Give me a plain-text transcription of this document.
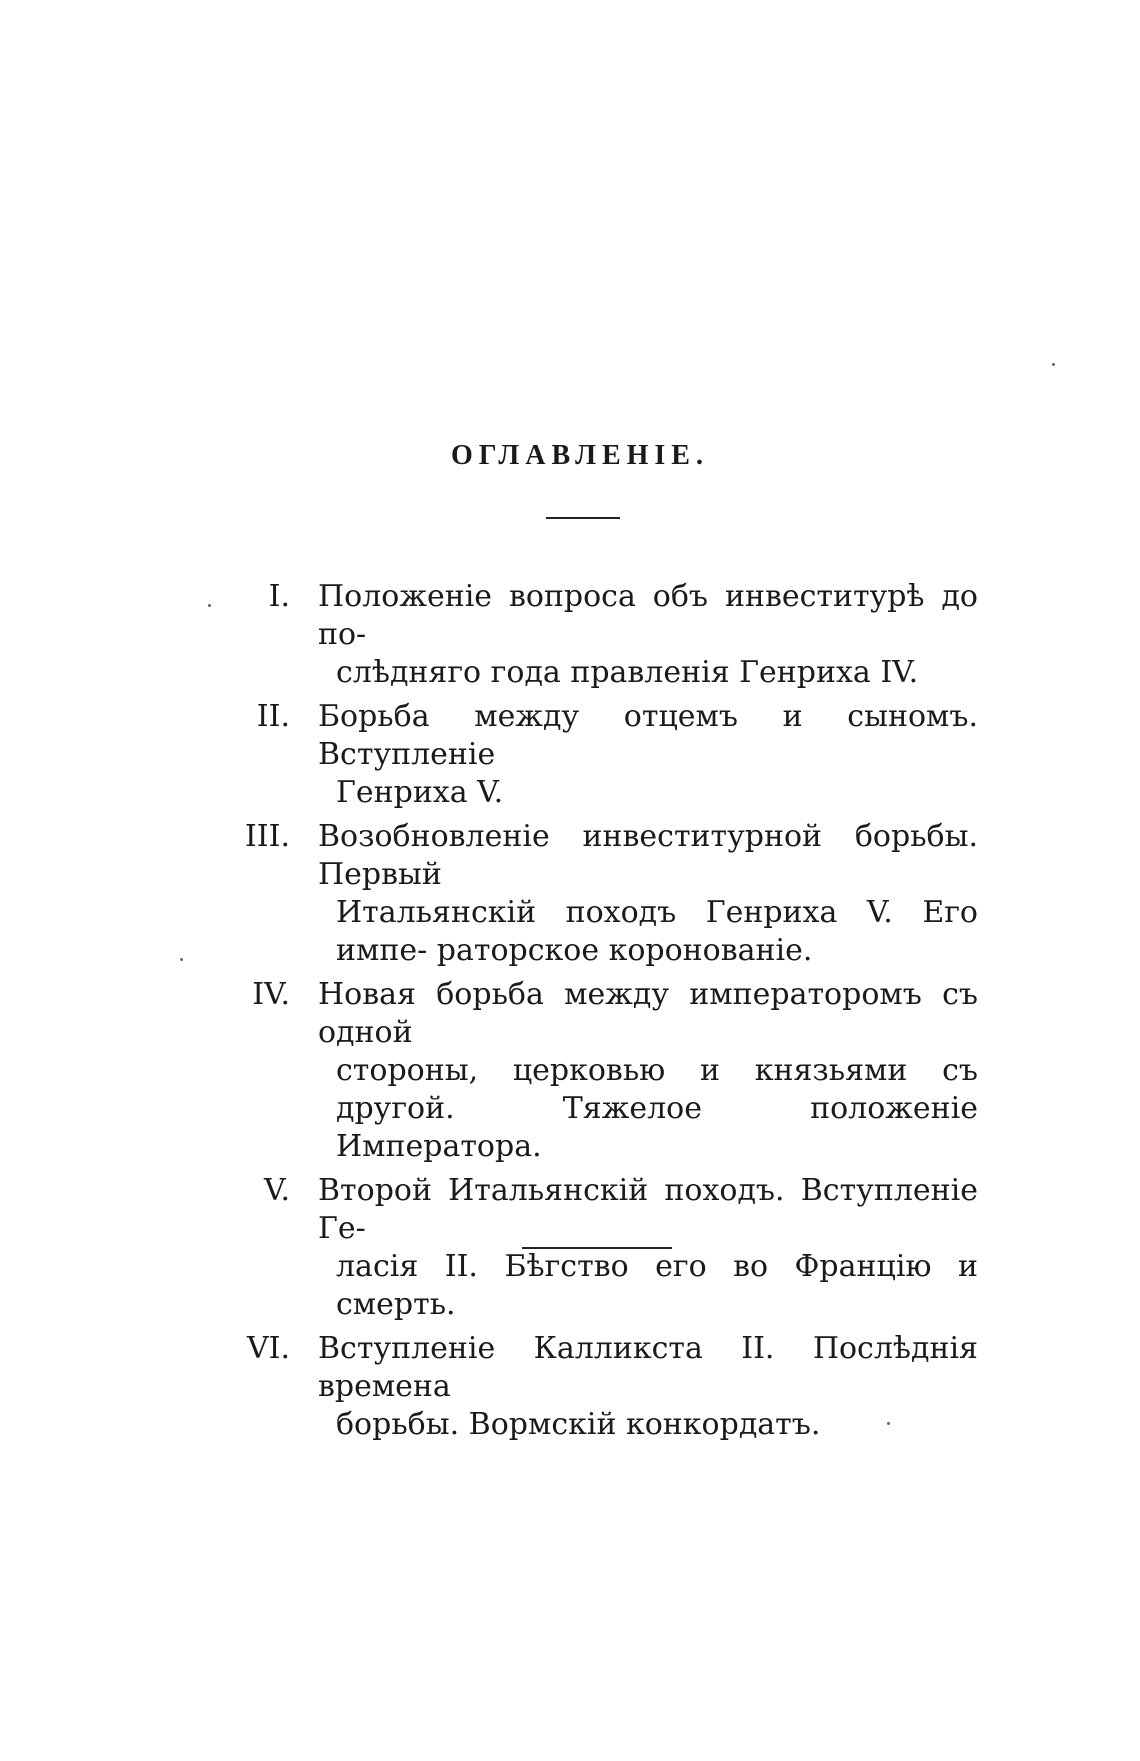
ОГЛАВЛЕНІЕ.
I. Положеніе вопроса объ инвеститурѣ до по-
слѣдняго года правленія Генриха IV.
II. Борьба между отцемъ и сыномъ. Вступленіе
Генриха V.
III. Возобновленіе инвеститурной борьбы. Первый
Итальянскій походъ Генриха V. Его импе- раторское коронованіе.
IV. Новая борьба между императоромъ съ одной
стороны, церковью и князьями съ другой. Тяжелое положеніе Императора.
V. Второй Итальянскій походъ. Вступленіе Ге-
ласія II. Бѣгство его во Францію и смерть.
VI. Вступленіе Калликста II. Послѣднія времена
борьбы. Вормскій конкордатъ.
